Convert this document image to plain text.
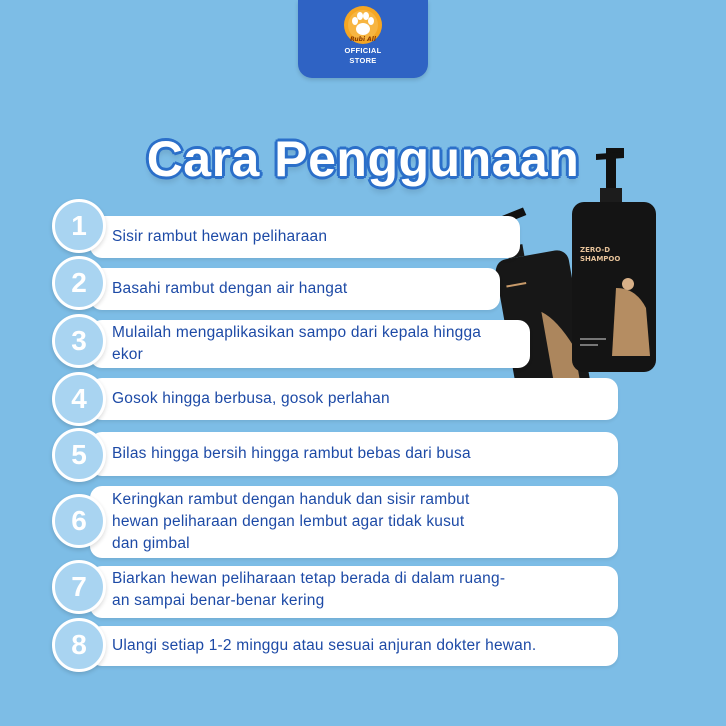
Rubi All
OFFICIAL
STORE
Cara Penggunaan
ZERO-D
SHAMPOO
Sisir rambut hewan peliharaan
1
Basahi rambut dengan air hangat
2
Mulailah mengaplikasikan sampo dari kepala hingga
ekor
3
Gosok hingga berbusa, gosok perlahan
4
Bilas hingga bersih hingga rambut bebas dari busa
5
Keringkan rambut dengan handuk dan sisir rambut
hewan peliharaan dengan lembut agar tidak kusut
dan gimbal
6
Biarkan hewan peliharaan tetap berada di dalam ruang-
an sampai benar-benar kering
7
Ulangi setiap 1-2 minggu atau sesuai anjuran dokter hewan.
8
